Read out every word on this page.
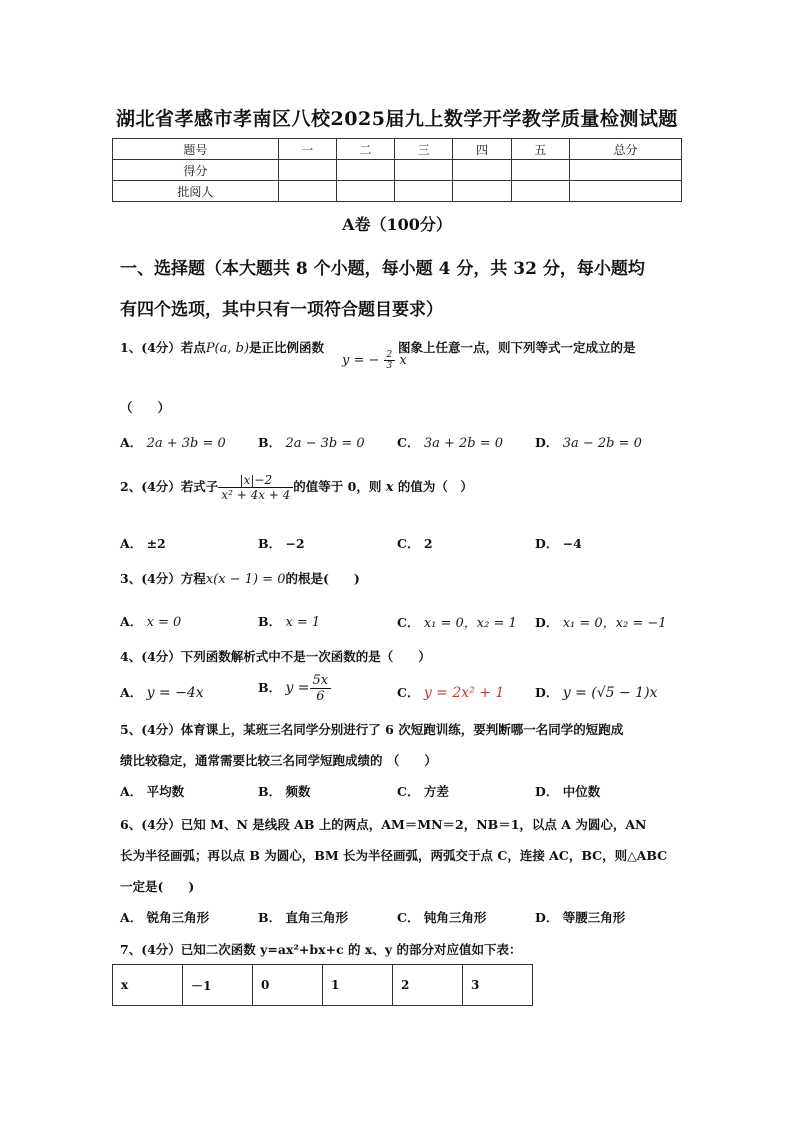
湖北省孝感市孝南区八校2025届九上数学开学教学质量检测试题
题号	一	二	三	四	五	总分
得分						
批阅人						
A卷（100分）
一、选择题（本大题共 8 个小题，每小题 4 分，共 32 分，每小题均
有四个选项，其中只有一项符合题目要求）
1、(4分）若点P(a, b)是正比例函数
y = − $\frac{2}{3}$ x
图象上任意一点，则下列等式一定成立的是
（　　）
A． 2a + 3b = 0	B． 2a − 3b = 0	C． 3a + 2b = 0	D． 3a − 2b = 0
2、(4分）若式子 $\frac{|x|-2}{\text{x² + 4x + 4}}$ 的值等于 0，则 x 的值为（　）
A． ±2	B． −2	C． 2	D． −4
3、(4分）方程x(x − 1) = 0的根是(　　)
A． x = 0	B． x = 1	C． x₁ = 0，x₂ = 1 D． x₁ = 0，x₂ = −1
4、(4分）下列函数解析式中不是一次函数的是（　　）
A． y = −4x	B． $y = \frac{5x}{6}$	C． y = 2x² + 1 D． y = (√5 − 1)x
5、(4分）体育课上，某班三名同学分别进行了 6 次短跑训练，要判断哪一名同学的短跑成
绩比较稳定，通常需要比较三名同学短跑成绩的 （　　）
A． 平均数	B． 频数	C． 方差	D． 中位数
6、(4分）已知 M、N 是线段 AB 上的两点，AM＝MN＝2，NB＝1，以点 A 为圆心，AN
长为半径画弧；再以点 B 为圆心，BM 长为半径画弧，两弧交于点 C，连接 AC，BC，则△ABC
一定是(　　)
A． 锐角三角形	B． 直角三角形	C． 钝角三角形	D． 等腰三角形
7、(4分）已知二次函数 y=ax²+bx+c 的 x、y 的部分对应值如下表：
x	－1	0	1	2	3
